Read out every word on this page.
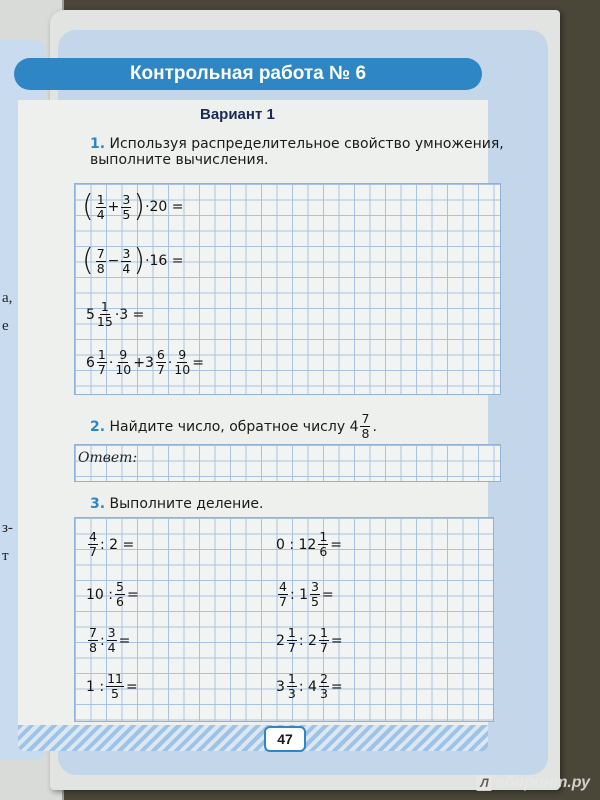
а,
е
з-
т
Контрольная работа № 6
Вариант 1
1. Используя распределительное свойство умножения,
выполните вычисления.
( $\frac{1}{4} + \frac{3}{5}$ ) ·20 =
( $\frac{7}{8} - \frac{3}{4}$ ) ·16 =
$5 \frac{1}{15} \cdot 3$ =
$6 \frac{1}{7} \cdot \frac{9}{10} + 3 \frac{6}{7} \cdot \frac{9}{10}$ =
2.
Найдите число, обратное числу
$4 \frac{7}{8}$ .
Ответ:
3. Выполните деление.
$\frac{4}{7}$ : 2 =
10 : $\frac{5}{6}$ =
$\frac{7}{8}$ : $\frac{3}{4}$ =
1 : $\frac{11}{5}$ =
0 : $12 \frac{1}{6}$ =
$\frac{4}{7}$ : $1 \frac{3}{5}$ =
$2 \frac{1}{7}$ : $2 \frac{1}{7}$ =
$3 \frac{1}{3}$ : $4 \frac{2}{3}$ =
47
Л абиринт.ру
